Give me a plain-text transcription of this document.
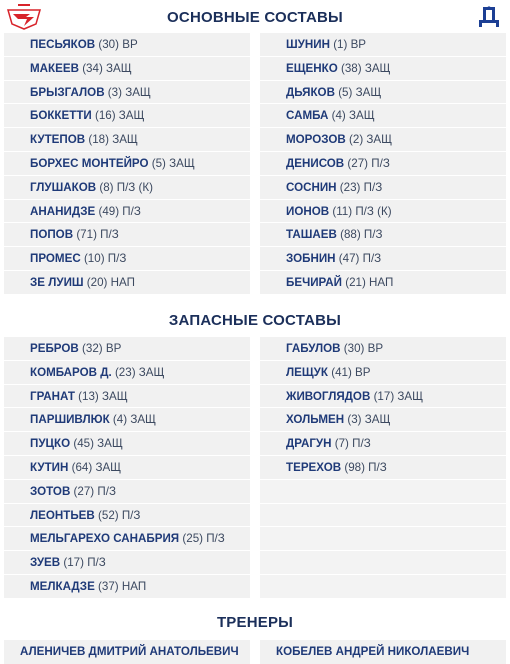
ОСНОВНЫЕ СОСТАВЫ
ЗАПАСНЫЕ СОСТАВЫ
ТРЕНЕРЫ
ПЕСЬЯКОВ (30) ВР
МАКЕЕВ (34) ЗАЩ
БРЫЗГАЛОВ (3) ЗАЩ
БОККЕТТИ (16) ЗАЩ
КУТЕПОВ (18) ЗАЩ
БОРХЕС МОНТЕЙРО (5) ЗАЩ
ГЛУШАКОВ (8) П/З (К)
АНАНИДЗЕ (49) П/З
ПОПОВ (71) П/З
ПРОМЕС (10) П/З
ЗЕ ЛУИШ (20) НАП
ШУНИН (1) ВР
ЕЩЕНКО (38) ЗАЩ
ДЬЯКОВ (5) ЗАЩ
САМБА (4) ЗАЩ
МОРОЗОВ (2) ЗАЩ
ДЕНИСОВ (27) П/З
СОСНИН (23) П/З
ИОНОВ (11) П/З (К)
ТАШАЕВ (88) П/З
ЗОБНИН (47) П/З
БЕЧИРАЙ (21) НАП
РЕБРОВ (32) ВР
КОМБАРОВ Д. (23) ЗАЩ
ГРАНАТ (13) ЗАЩ
ПАРШИВЛЮК (4) ЗАЩ
ПУЦКО (45) ЗАЩ
КУТИН (64) ЗАЩ
ЗОТОВ (27) П/З
ЛЕОНТЬЕВ (52) П/З
МЕЛЬГАРЕХО САНАБРИЯ (25) П/З
ЗУЕВ (17) П/З
МЕЛКАДЗЕ (37) НАП
ГАБУЛОВ (30) ВР
ЛЕЩУК (41) ВР
ЖИВОГЛЯДОВ (17) ЗАЩ
ХОЛЬМЕН (3) ЗАЩ
ДРАГУН (7) П/З
ТЕРЕХОВ (98) П/З
АЛЕНИЧЕВ ДМИТРИЙ АНАТОЛЬЕВИЧ	КОБЕЛЕВ АНДРЕЙ НИКОЛАЕВИЧ
